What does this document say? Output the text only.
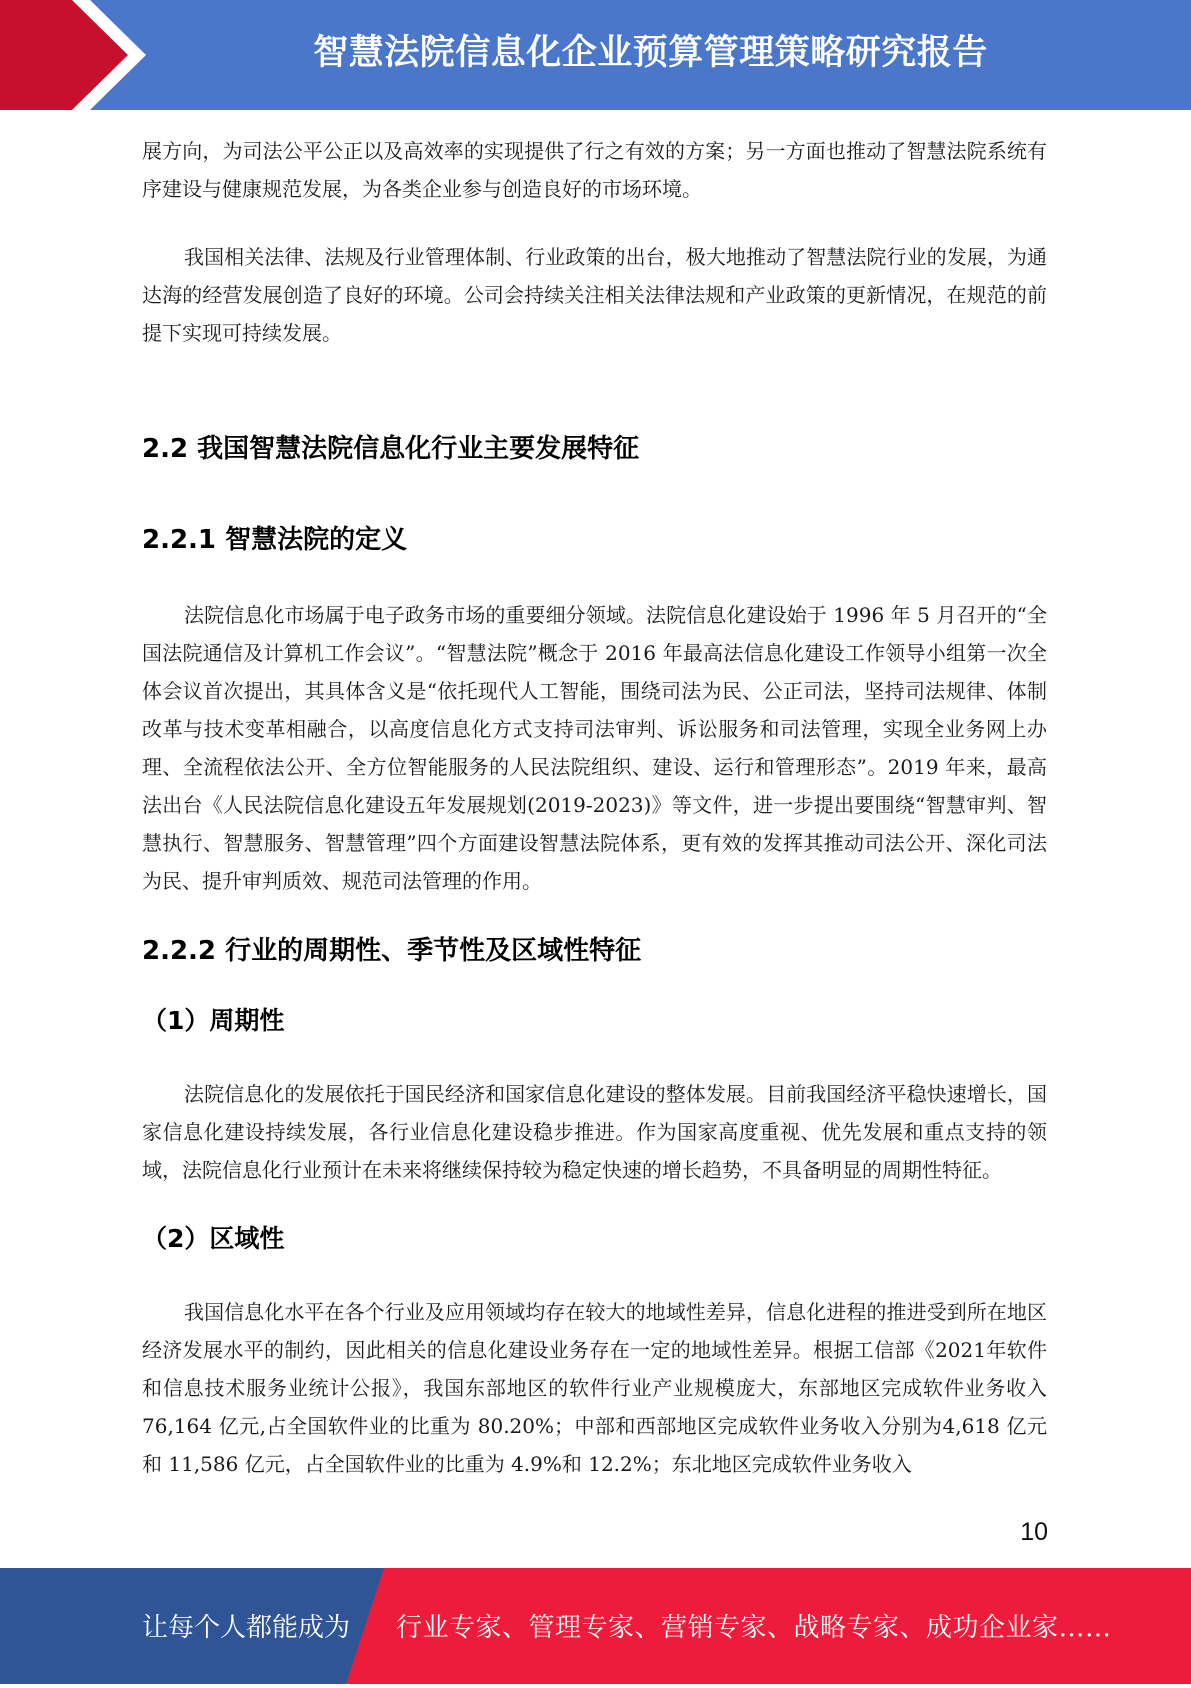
智慧法院信息化企业预算管理策略研究报告

展方向，为司法公平公正以及高效率的实现提供了行之有效的方案；另一方面也推动了智慧法院系统有序建设与健康规范发展，为各类企业参与创造良好的市场环境。

我国相关法律、法规及行业管理体制、行业政策的出台，极大地推动了智慧法院行业的发展，为通达海的经营发展创造了良好的环境。公司会持续关注相关法律法规和产业政策的更新情况，在规范的前提下实现可持续发展。

2.2 我国智慧法院信息化行业主要发展特征
2.2.1 智慧法院的定义

法院信息化市场属于电子政务市场的重要细分领域。法院信息化建设始于 1996 年 5 月召开的“全国法院通信及计算机工作会议”。“智慧法院”概念于 2016 年最高法信息化建设工作领导小组第一次全体会议首次提出，其具体含义是“依托现代人工智能，围绕司法为民、公正司法，坚持司法规律、体制改革与技术变革相融合，以高度信息化方式支持司法审判、诉讼服务和司法管理，实现全业务网上办理、全流程依法公开、全方位智能服务的人民法院组织、建设、运行和管理形态”。2019 年来，最高法出台《人民法院信息化建设五年发展规划(2019-2023)》等文件，进一步提出要围绕“智慧审判、智慧执行、智慧服务、智慧管理”四个方面建设智慧法院体系，更有效的发挥其推动司法公开、深化司法为民、提升审判质效、规范司法管理的作用。

2.2.2 行业的周期性、季节性及区域性特征
（1）周期性

法院信息化的发展依托于国民经济和国家信息化建设的整体发展。目前我国经济平稳快速增长，国家信息化建设持续发展，各行业信息化建设稳步推进。作为国家高度重视、优先发展和重点支持的领域，法院信息化行业预计在未来将继续保持较为稳定快速的增长趋势，不具备明显的周期性特征。

（2）区域性

我国信息化水平在各个行业及应用领域均存在较大的地域性差异，信息化进程的推进受到所在地区经济发展水平的制约，因此相关的信息化建设业务存在一定的地域性差异。根据工信部《2021年软件和信息技术服务业统计公报》，我国东部地区的软件行业产业规模庞大，东部地区完成软件业务收入 76,164 亿元,占全国软件业的比重为 80.20%；中部和西部地区完成软件业务收入分别为4,618 亿元和 11,586 亿元，占全国软件业的比重为 4.9%和 12.2%；东北地区完成软件业务收入

10
让每个人都能成为 行业专家、管理专家、营销专家、战略专家、成功企业家……
